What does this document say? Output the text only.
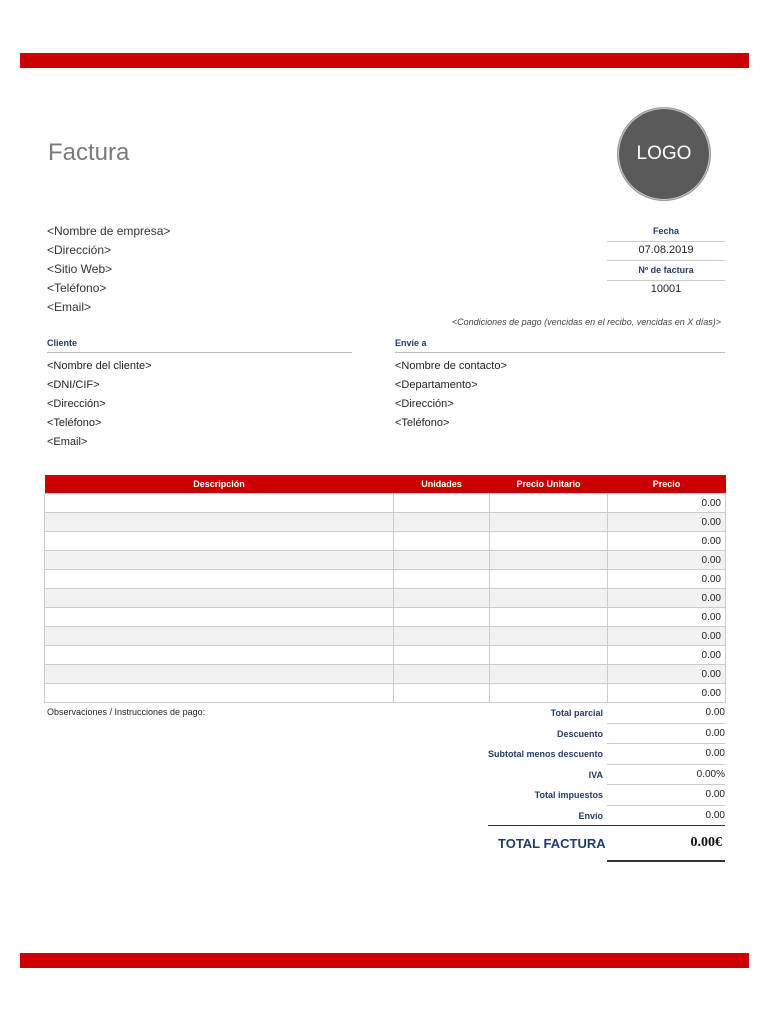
Factura	LOGO
<Nombre de empresa>
<Dirección>
<Sitio Web>
<Teléfono>
<Email>
Fecha
07.08.2019
Nº de factura
10001
<Condiciones de pago (vencidas en el recibo, vencidas en X días)>
Cliente
<Nombre del cliente>
<DNI/CIF>
<Dirección>
<Teléfono>
<Email>
Envíe a
<Nombre de contacto>
<Departamento>
<Dirección>
<Teléfono>
Descripción	Unidades	Precio Unitario	Precio
			0.00
			0.00
			0.00
			0.00
			0.00
			0.00
			0.00
			0.00
			0.00
			0.00
			0.00
Observaciones / Instrucciones de pago:	Total parcial	0.00
Descuento	0.00
Subtotal menos descuento	0.00
IVA	0.00%
Total impuestos	0.00
Envío	0.00
TOTAL FACTURA	0.00€
